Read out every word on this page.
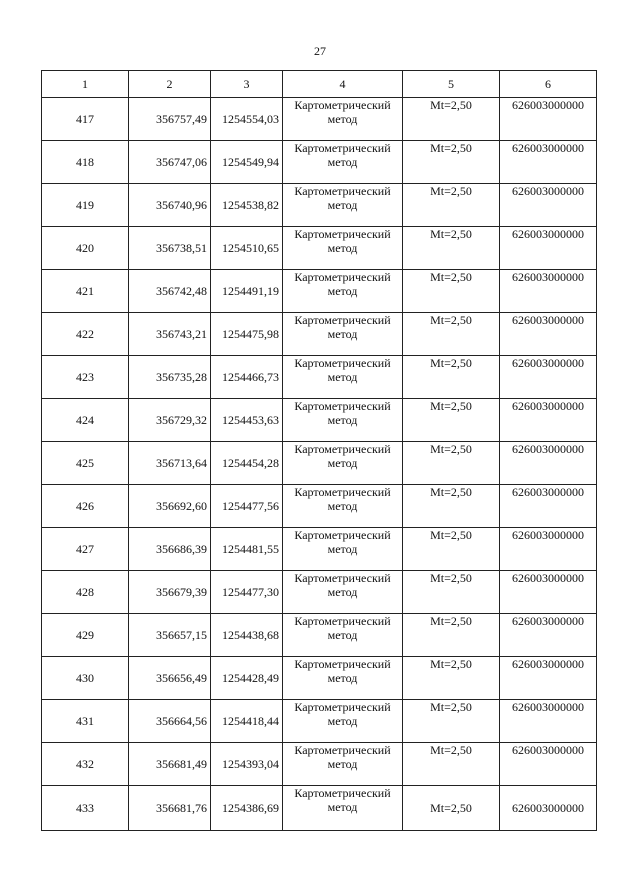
27
1	2	3	4	5	6
417	356757,49	1254554,03	Картометрический метод	Mt=2,50	626003000000
418	356747,06	1254549,94	Картометрический метод	Mt=2,50	626003000000
419	356740,96	1254538,82	Картометрический метод	Mt=2,50	626003000000
420	356738,51	1254510,65	Картометрический метод	Mt=2,50	626003000000
421	356742,48	1254491,19	Картометрический метод	Mt=2,50	626003000000
422	356743,21	1254475,98	Картометрический метод	Mt=2,50	626003000000
423	356735,28	1254466,73	Картометрический метод	Mt=2,50	626003000000
424	356729,32	1254453,63	Картометрический метод	Mt=2,50	626003000000
425	356713,64	1254454,28	Картометрический метод	Mt=2,50	626003000000
426	356692,60	1254477,56	Картометрический метод	Mt=2,50	626003000000
427	356686,39	1254481,55	Картометрический метод	Mt=2,50	626003000000
428	356679,39	1254477,30	Картометрический метод	Mt=2,50	626003000000
429	356657,15	1254438,68	Картометрический метод	Mt=2,50	626003000000
430	356656,49	1254428,49	Картометрический метод	Mt=2,50	626003000000
431	356664,56	1254418,44	Картометрический метод	Mt=2,50	626003000000
432	356681,49	1254393,04	Картометрический метод	Mt=2,50	626003000000
433	356681,76	1254386,69	Картометрический метод	Mt=2,50	626003000000
